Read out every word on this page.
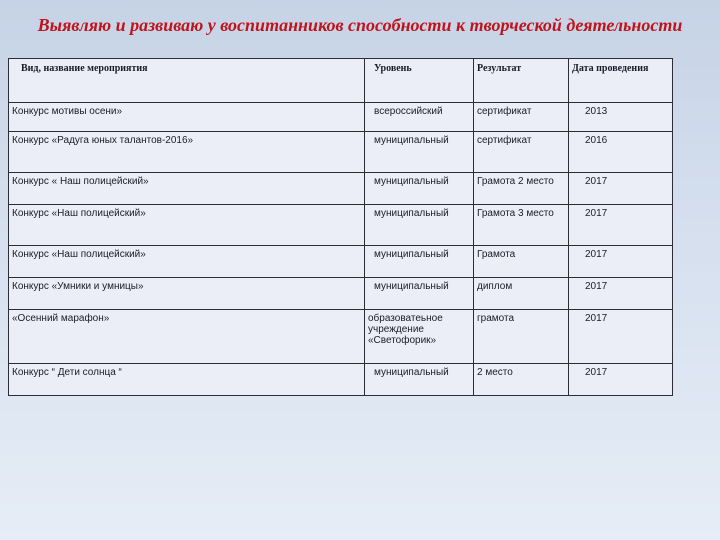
Выявляю и развиваю у воспитанников способности к творческой деятельности
Вид, название мероприятия	Уровень	Результат	Дата проведения
Конкурс мотивы осени»	всероссийский	сертификат	2013
Конкурс «Радуга юных талантов-2016»	муниципальный	сертификат	2016
Конкурс « Наш полицейский»	муниципальный	Грамота 2 место	2017
Конкурс «Наш полицейский»	муниципальный	Грамота 3 место	2017
Конкурс «Наш полицейский»	муниципальный	Грамота	2017
Конкурс «Умники и умницы»	муниципальный	диплом	2017
«Осенний марафон»	образоватеьное учреждение «Светофорик»	грамота	2017
Конкурс “ Дети солнца “	муниципальный	2 место	2017
